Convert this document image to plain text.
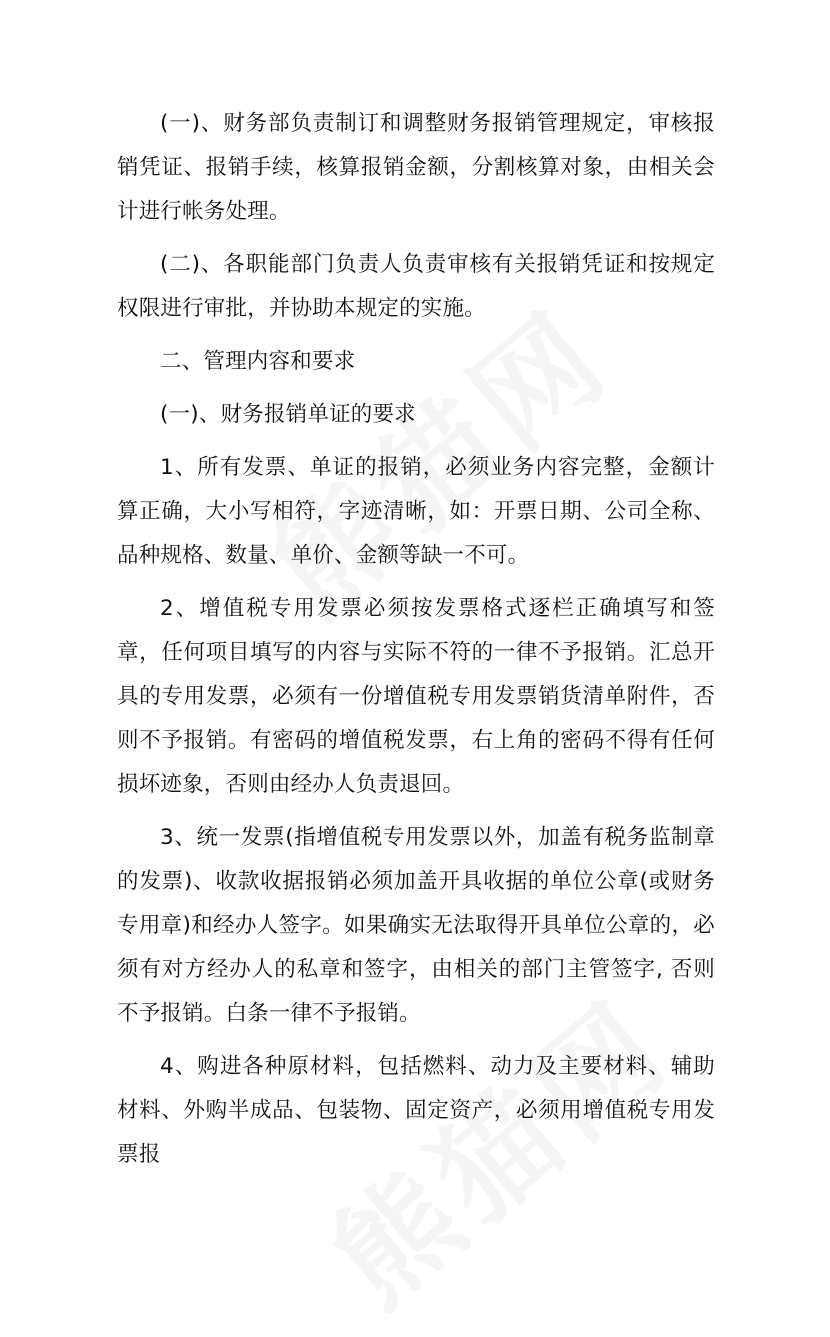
(一)、财务部负责制订和调整财务报销管理规定，审核报销凭证、报销手续，核算报销金额，分割核算对象，由相关会计进行帐务处理。

(二)、各职能部门负责人负责审核有关报销凭证和按规定权限进行审批，并协助本规定的实施。

二、管理内容和要求

(一)、财务报销单证的要求

1、所有发票、单证的报销，必须业务内容完整，金额计算正确，大小写相符，字迹清晰，如：开票日期、公司全称、品种规格、数量、单价、金额等缺一不可。

2、增值税专用发票必须按发票格式逐栏正确填写和签章，任何项目填写的内容与实际不符的一律不予报销。汇总开具的专用发票，必须有一份增值税专用发票销货清单附件，否则不予报销。有密码的增值税发票，右上角的密码不得有任何损坏迹象，否则由经办人负责退回。

3、统一发票(指增值税专用发票以外，加盖有税务监制章的发票)、收款收据报销必须加盖开具收据的单位公章(或财务专用章)和经办人签字。如果确实无法取得开具单位公章的，必须有对方经办人的私章和签字，由相关的部门主管签字, 否则不予报销。白条一律不予报销。

4、购进各种原材料，包括燃料、动力及主要材料、辅助材料、外购半成品、包装物、固定资产，必须用增值税专用发票报
